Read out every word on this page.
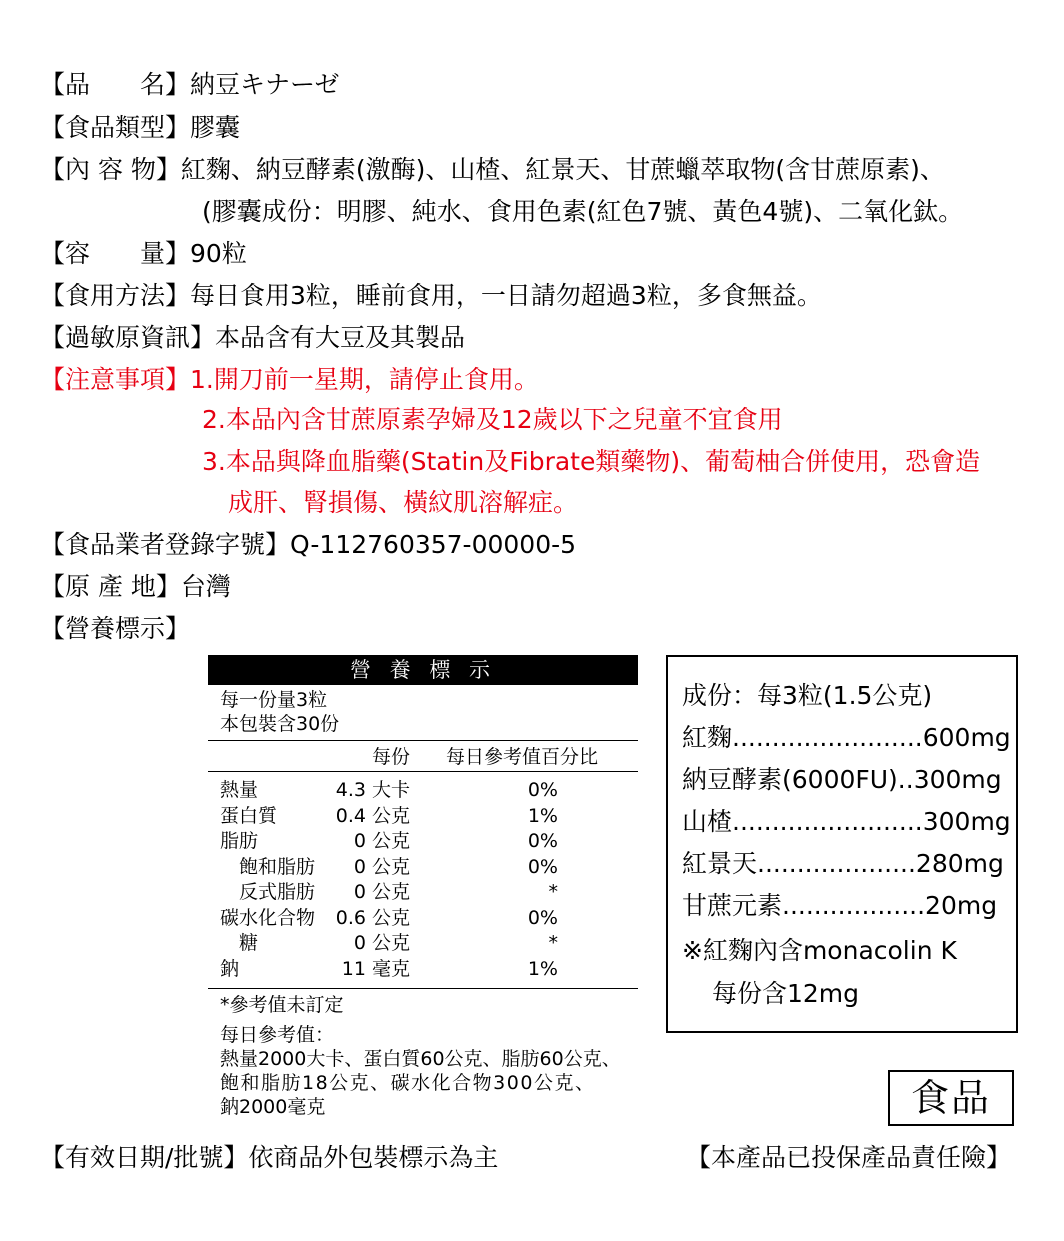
【品　　名】納豆キナーゼ
【食品類型】膠囊
【內 容 物】紅麴、納豆酵素(激酶)、山楂、紅景天、甘蔗蠟萃取物(含甘蔗原素)、
(膠囊成份：明膠、純水、食用色素(紅色7號、黃色4號)、二氧化鈦。
【容　　量】90粒
【食用方法】每日食用3粒，睡前食用，一日請勿超過3粒，多食無益。
【過敏原資訊】本品含有大豆及其製品
【注意事項】1.開刀前一星期，請停止食用。
2.本品內含甘蔗原素孕婦及12歲以下之兒童不宜食用
3.本品與降血脂藥(Statin及Fibrate類藥物)、葡萄柚合併使用，恐會造
成肝、腎損傷、橫紋肌溶解症。
【食品業者登錄字號】Q-112760357-00000-5
【原 產 地】台灣
【營養標示】
營 養 標 示
每一份量3粒
本包裝含30份
每份 每日參考值百分比
熱量	4.3 大卡	0%
蛋白質	0.4 公克	1%
脂肪	0 公克	0%
　飽和脂肪 0 公克	0%
　反式脂肪 0 公克	*
碳水化合物 0.6 公克	0%
　糖	0 公克	*
鈉	11 毫克	1%
*參考值未訂定
每日參考值：
熱量2000大卡、蛋白質60公克、脂肪60公克、
飽和脂肪18公克、碳水化合物300公克、
鈉2000毫克
成份：每3粒(1.5公克)
紅麴........................600mg
納豆酵素(6000FU)..300mg
山楂........................300mg
紅景天....................280mg
甘蔗元素..................20mg
※紅麴內含monacolin K
每份含12mg
食品
【有效日期/批號】依商品外包裝標示為主	【本產品已投保產品責任險】
